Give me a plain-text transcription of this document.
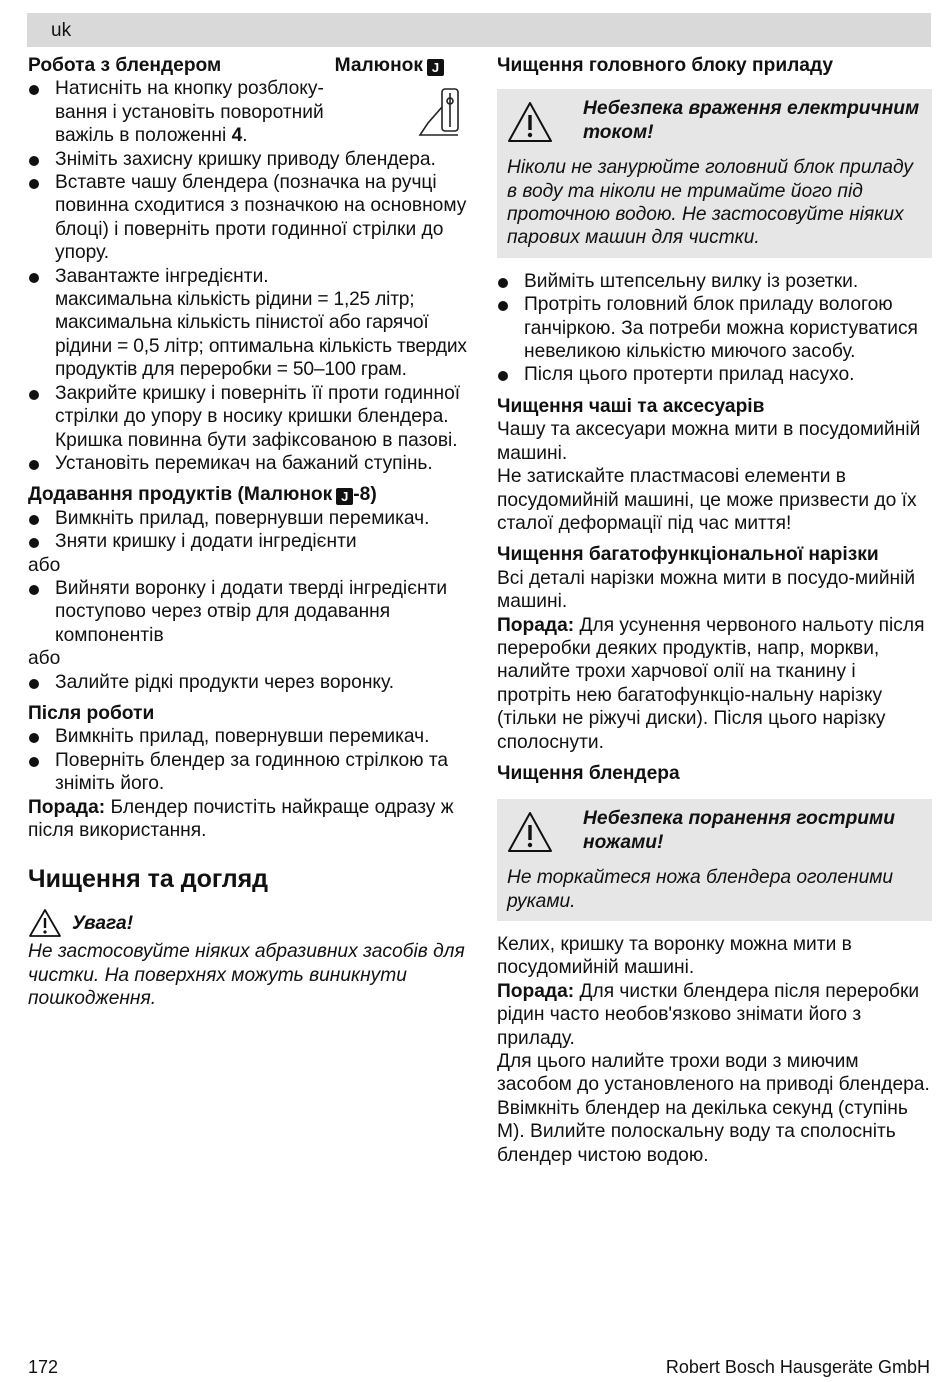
uk
Робота з блендером	Малюнок J
Натисніть на кнопку розблоку-
вання і установіть поворотний
важіль в положенні 4.
Зніміть захисну кришку приводу блендера.
Вставте чашу блендера (позначка на ручці повинна сходитися з позначкою на основному блоці) і поверніть проти годинної стрілки до упору.
Завантажте інгредієнти.
максимальна кількість рідини = 1,25 літр; максимальна кількість пінистої або гарячої рідини = 0,5 літр; оптимальна кількість твердих продуктів для переробки = 50–100 грам.
Закрийте кришку і поверніть її проти годинної стрілки до упору в носику кришки блендера.
Кришка повинна бути зафіксованою в пазові.
Установіть перемикач на бажаний ступінь.
Додавання продуктів (Малюнок J -8)
Вимкніть прилад, повернувши перемикач.
Зняти кришку і додати інгредієнти
або
Вийняти воронку і додати тверді інгредієнти поступово через отвір для додавання компонентів
або
Залийте рідкі продукти через воронку.
Після роботи
Вимкніть прилад, повернувши перемикач.
Поверніть блендер за годинною стрілкою та зніміть його.
Порада: Блендер почистіть найкраще одразу ж після використання.
Чищення та догляд
Увага!
Не застосовуйте ніяких абразивних засобів для чистки. На поверхнях можуть виникнути пошкодження.
Чищення головного блоку приладу
Небезпека враження електричним током!
Ніколи не занурюйте головний блок приладу в воду та ніколи не тримайте його під проточною водою. Не застосовуйте ніяких парових машин для чистки.
Вийміть штепсельну вилку із розетки.
Протріть головний блок приладу вологою ганчіркою. За потреби можна користуватися невеликою кількістю миючого засобу.
Після цього протерти прилад насухо.
Чищення чаші та аксесуарів
Чашу та аксесуари можна мити в посудомийній машині.
Не затискайте пластмасові елементи в посудомийній машині, це може призвести до їх сталої деформації під час миття!
Чищення багатофункціональної нарізки
Всі деталі нарізки можна мити в посудо-мийній машині.
Порада: Для усунення червоного нальоту після переробки деяких продуктів, напр, моркви, налийте трохи харчової олії на тканину і протріть нею багатофункціо-нальну нарізку (тільки не ріжучі диски). Після цього нарізку сполоснути.
Чищення блендера
Небезпека поранення гострими ножами!
Не торкайтеся ножа блендера оголеними руками.
Келих, кришку та воронку можна мити в посудомийній машині.
Порада: Для чистки блендера після переробки рідин часто необов'язково знімати його з приладу.
Для цього налийте трохи води з миючим засобом до установленого на приводі блендера. Ввімкніть блендер на декілька секунд (ступінь M). Вилийте полоскальну воду та сполосніть блендер чистою водою.
172	Robert Bosch Hausgeräte GmbH
